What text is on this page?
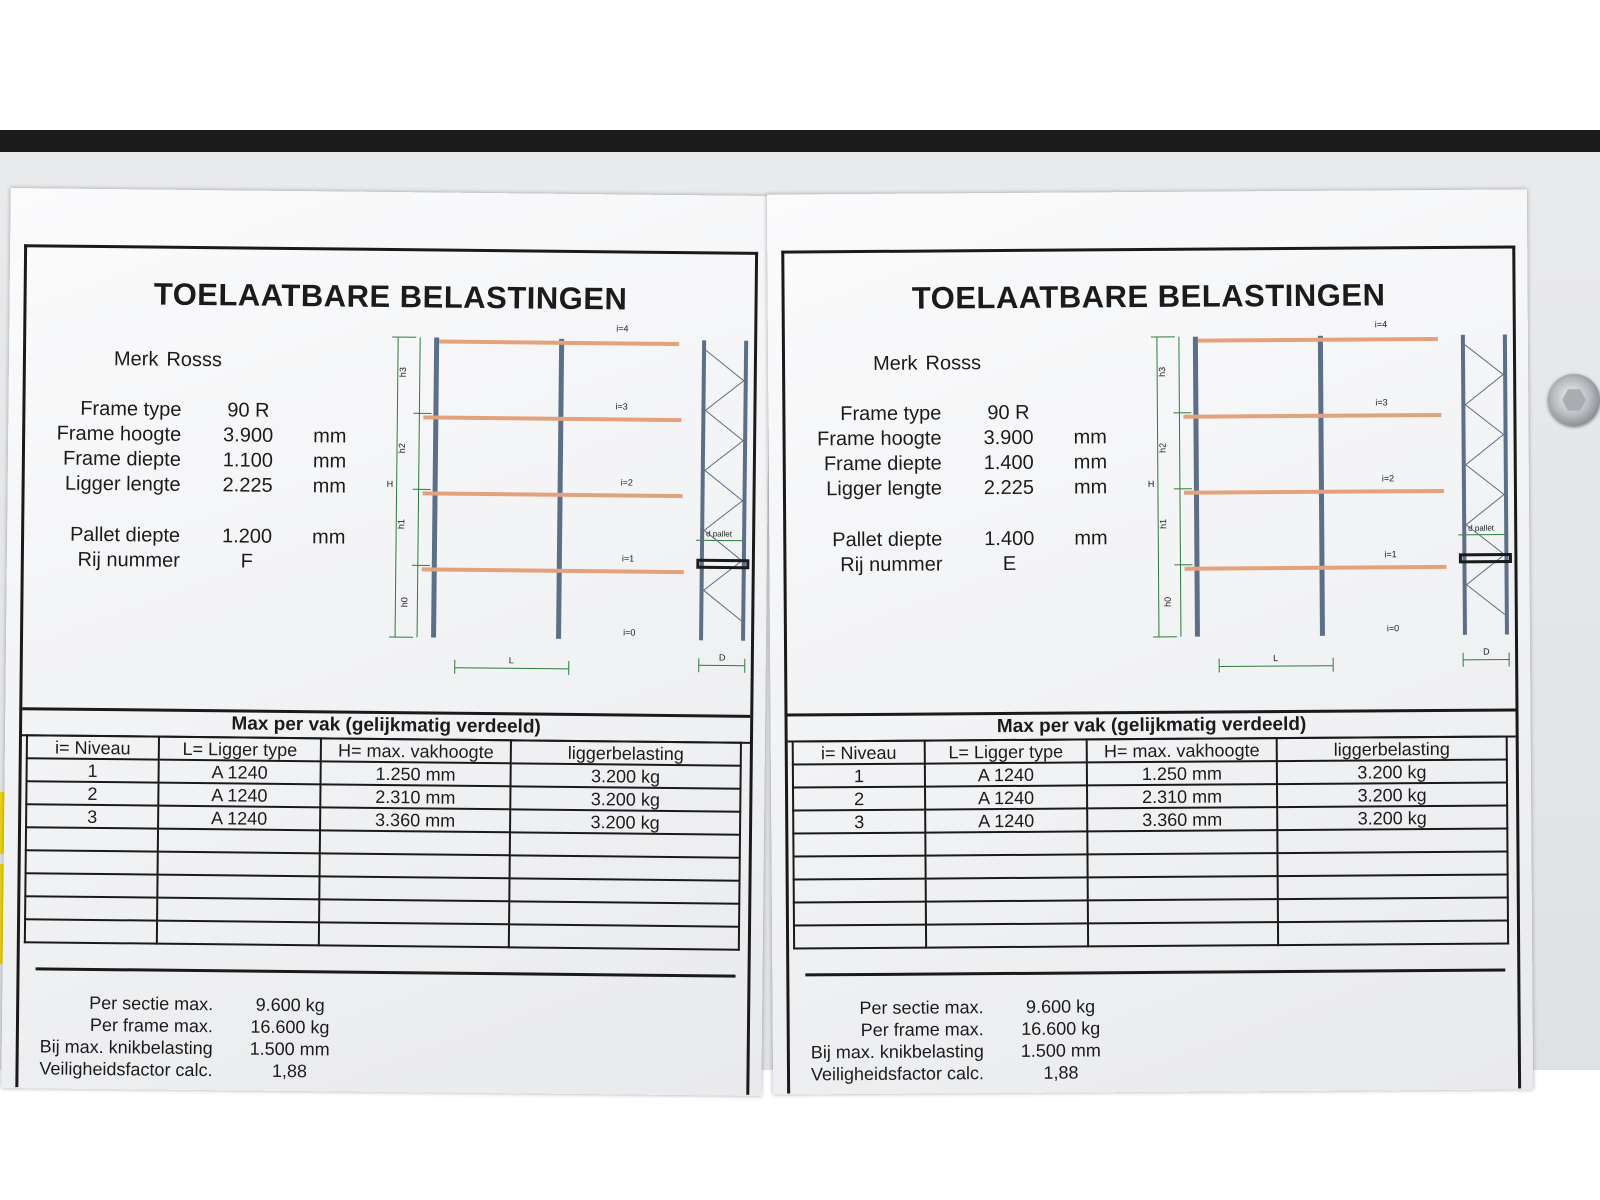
TOELAATBARE BELASTINGEN
Merk Rosss
Frame type	90 R
Frame hoogte	3.900	mm
Frame diepte	1.100	mm
Ligger lengte	2.225	mm
Pallet diepte	1.200	mm
Rij nummer	F
i=4
i=3
i=2
i=1
i=0
h3
h2
h1
h0
H
L	D
d pallet
Max per vak (gelijkmatig verdeeld)
i= Niveau	L= Ligger type	H= max. vakhoogte	liggerbelasting
1	A 1240	1.250 mm	3.200 kg
2	A 1240	2.310 mm	3.200 kg
3	A 1240	3.360 mm	3.200 kg

Per sectie max.	9.600 kg
Per frame max.	16.600 kg
Bij max. knikbelasting	1.500 mm
Veiligheidsfactor calc.	1,88
TOELAATBARE BELASTINGEN
Merk Rosss
Frame type	90 R
Frame hoogte	3.900	mm
Frame diepte	1.400	mm
Ligger lengte	2.225	mm
Pallet diepte	1.400	mm
Rij nummer	E
i=4
i=3
i=2
i=1
i=0
h3
h2
h1
h0
H
L
D
d pallet
Max per vak (gelijkmatig verdeeld)
i= Niveau	L= Ligger type	H= max. vakhoogte	liggerbelasting
1	A 1240	1.250 mm	3.200 kg
2	A 1240	2.310 mm	3.200 kg
3	A 1240	3.360 mm	3.200 kg

Per sectie max.	9.600 kg
Per frame max.	16.600 kg
Bij max. knikbelasting	1.500 mm
Veiligheidsfactor calc.	1,88
